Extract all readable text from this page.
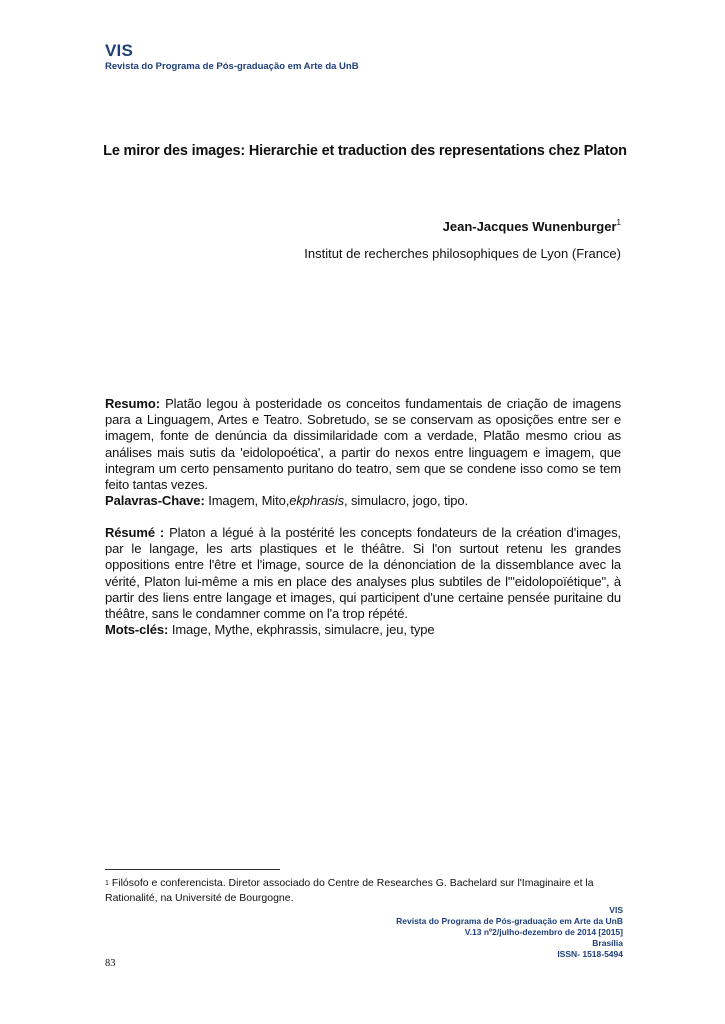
VIS
Revista do Programa de Pós-graduação em Arte da UnB
Le miror des images: Hierarchie et traduction des representations chez Platon
Jean-Jacques Wunenburger$^1$
Institut de recherches philosophiques de Lyon (France)

Resumo: Platão legou à posteridade os conceitos fundamentais de criação de imagens para a Linguagem, Artes e Teatro. Sobretudo, se se conservam as oposições entre ser e imagem, fonte de denúncia da dissimilaridade com a verdade, Platão mesmo criou as análises mais sutis da 'eidolopoética', a partir do nexos entre linguagem e imagem, que integram um certo pensamento puritano do teatro, sem que se condene isso como se tem feito tantas vezes.

Palavras-Chave: Imagem, Mito,ekphrasis, simulacro, jogo, tipo.

Résumé : Platon a légué à la postérité les concepts fondateurs de la création d'images, par le langage, les arts plastiques et le théâtre. Si l'on surtout retenu les grandes oppositions entre l'être et l'image, source de la dénonciation de la dissemblance avec la vérité, Platon lui-même a mis en place des analyses plus subtiles de l'"eidolopoïétique", à partir des liens entre langage et images, qui participent d'une certaine pensée puritaine du théâtre, sans le condamner comme on l'a trop répété.

Mots-clés: Image, Mythe, ekphrassis, simulacre, jeu, type

$^1$ Filósofo e conferencista. Diretor associado do Centre de Researches G. Bachelard sur l'Imaginaire et la Rationalité, na Université de Bourgogne.
VIS
Revista do Programa de Pós-graduação em Arte da UnB
V.13 nº2/julho-dezembro de 2014 [2015]
Brasília
ISSN- 1518-5494
83
